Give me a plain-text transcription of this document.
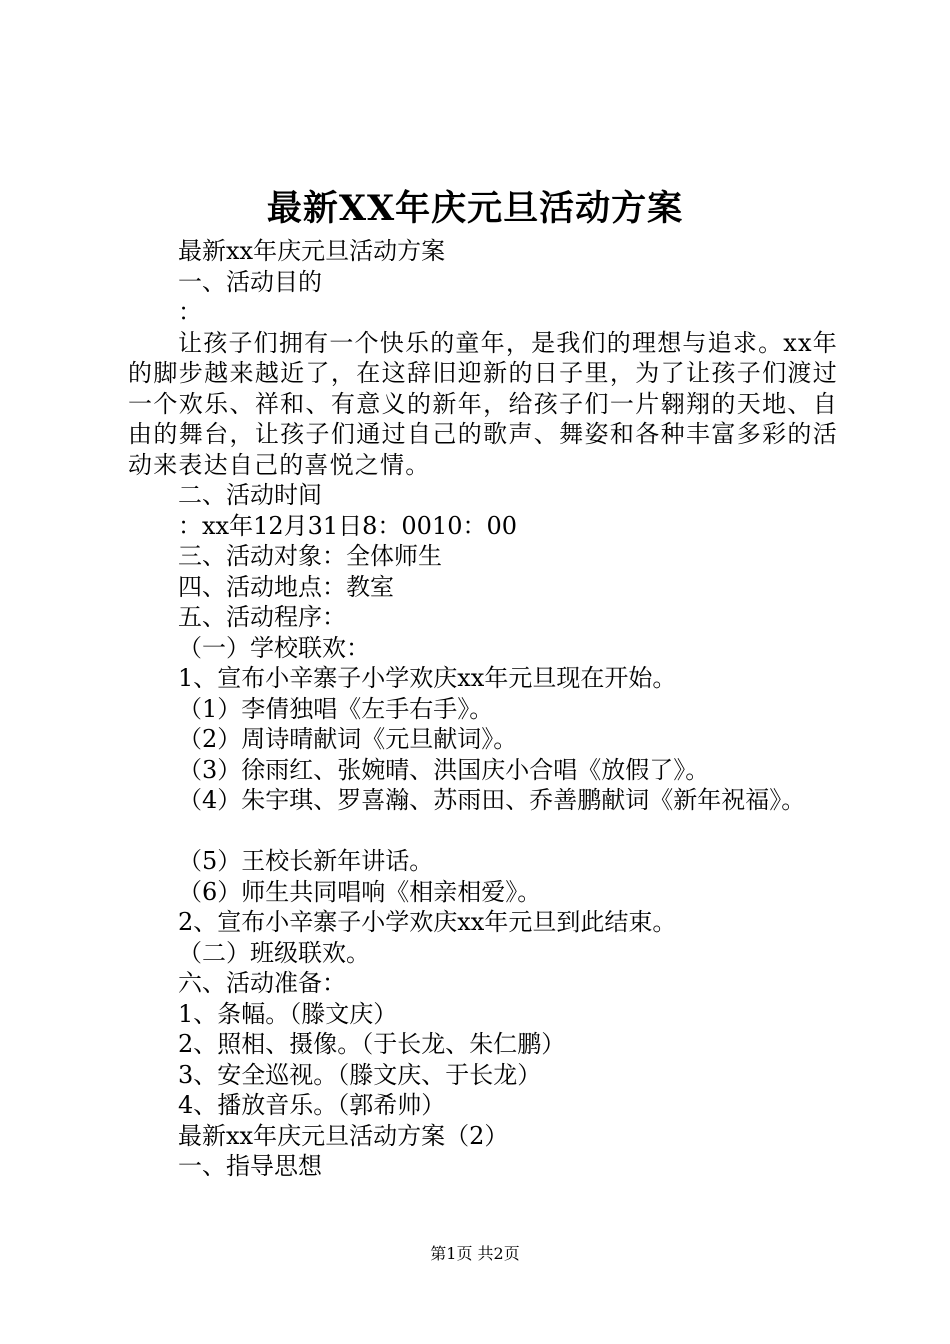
最新XX年庆元旦活动方案

最新xx年庆元旦活动方案

一、活动目的

：

让孩子们拥有一个快乐的童年，是我们的理想与追求。xx年的脚步越来越近了，在这辞旧迎新的日子里，为了让孩子们渡过一个欢乐、祥和、有意义的新年，给孩子们一片翱翔的天地、自由的舞台，让孩子们通过自己的歌声、舞姿和各种丰富多彩的活动来表达自己的喜悦之情。

二、活动时间

：xx年12月31日8：0010：00

三、活动对象：全体师生

四、活动地点：教室

五、活动程序：

（一）学校联欢：

1、宣布小辛寨子小学欢庆xx年元旦现在开始。

（1）李倩独唱《左手右手》。

（2）周诗晴献词《元旦献词》。

（3）徐雨红、张婉晴、洪国庆小合唱《放假了》。

（4）朱宇琪、罗喜瀚、苏雨田、乔善鹏献词《新年祝福》。

（5）王校长新年讲话。

（6）师生共同唱响《相亲相爱》。

2、宣布小辛寨子小学欢庆xx年元旦到此结束。

（二）班级联欢。

六、活动准备：

1、条幅。（滕文庆）

2、照相、摄像。（于长龙、朱仁鹏）

3、安全巡视。（滕文庆、于长龙）

4、播放音乐。（郭希帅）

最新xx年庆元旦活动方案（2）

一、指导思想

第1页 共2页
